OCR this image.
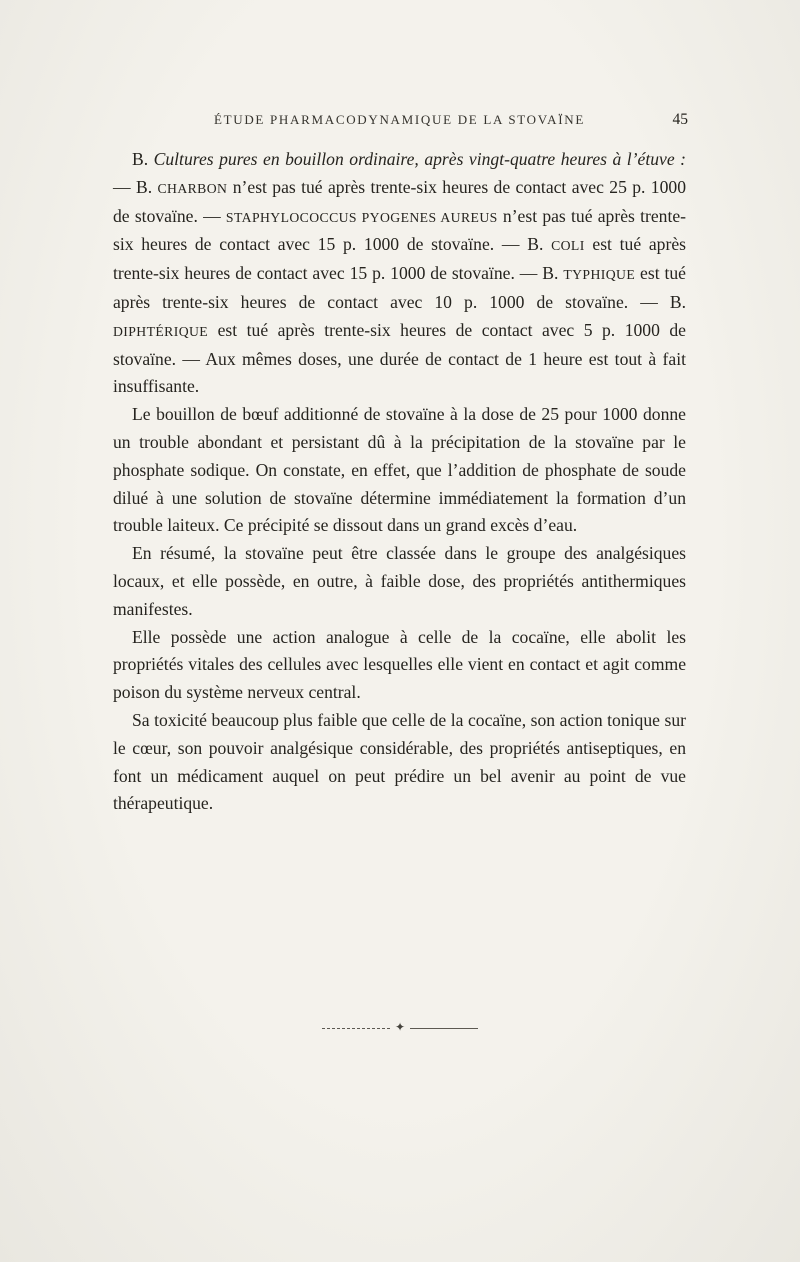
ÉTUDE PHARMACODYNAMIQUE DE LA STOVAÏNE	45

B. Cultures pures en bouillon ordinaire, après vingt-quatre heures à l’étuve : — B. CHARBON n’est pas tué après trente-six heures de contact avec 25 p. 1000 de stovaïne. — STAPHYLOCOCCUS PYOGENES AUREUS n’est pas tué après trente-six heures de contact avec 15 p. 1000 de stovaïne. — B. COLI est tué après trente-six heures de contact avec 15 p. 1000 de stovaïne. — B. TYPHIQUE est tué après trente-six heures de contact avec 10 p. 1000 de stovaïne. — B. DIPHTÉRIQUE est tué après trente-six heures de contact avec 5 p. 1000 de stovaïne. — Aux mêmes doses, une durée de contact de 1 heure est tout à fait insuffisante.

Le bouillon de bœuf additionné de stovaïne à la dose de 25 pour 1000 donne un trouble abondant et persistant dû à la précipitation de la stovaïne par le phosphate sodique. On constate, en effet, que l’addition de phosphate de soude dilué à une solution de stovaïne détermine immédiatement la formation d’un trouble laiteux. Ce précipité se dissout dans un grand excès d’eau.

En résumé, la stovaïne peut être classée dans le groupe des analgésiques locaux, et elle possède, en outre, à faible dose, des propriétés antithermiques manifestes.

Elle possède une action analogue à celle de la cocaïne, elle abolit les propriétés vitales des cellules avec lesquelles elle vient en contact et agit comme poison du système nerveux central.

Sa toxicité beaucoup plus faible que celle de la cocaïne, son action tonique sur le cœur, son pouvoir analgésique considérable, des propriétés antiseptiques, en font un médicament auquel on peut prédire un bel avenir au point de vue thérapeutique.

✦
